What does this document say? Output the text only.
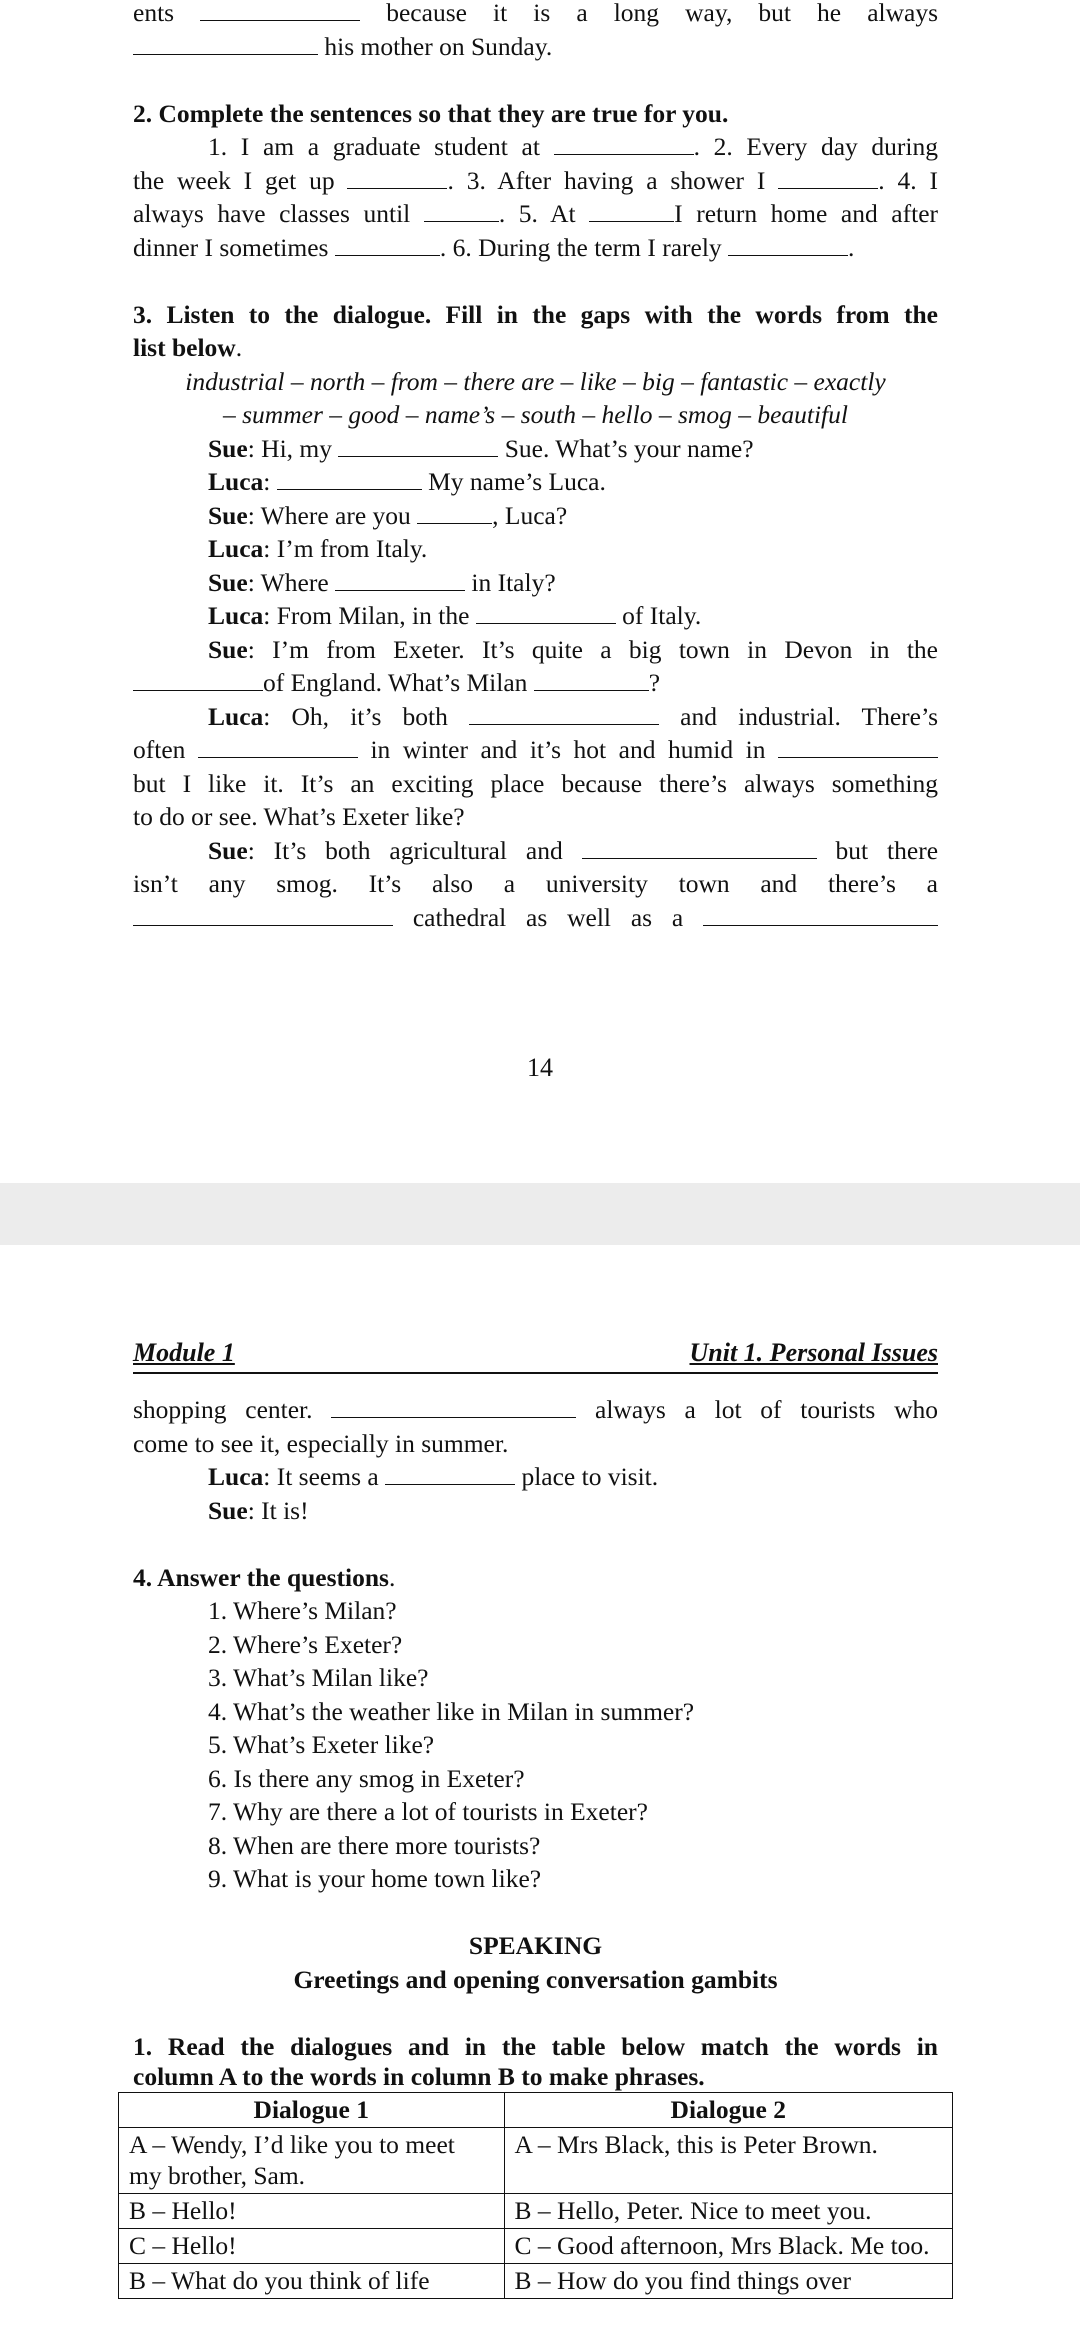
ents	because it is a long way, but he always
his mother on Sunday.
2. Complete the sentences so that they are true for you.
1. I am a graduate student at	. 2. Every day during
the week I get up	. 3. After having a shower I	. 4. I
always have classes until	. 5. At	I return home and after
dinner I sometimes	. 6. During the term I rarely	.
3. Listen to the dialogue. Fill in the gaps with the words from the
list below.
industrial – north – from – there are – like – big – fantastic – exactly
– summer – good – name’s – south – hello – smog – beautiful
Sue: Hi, my	Sue. What’s your name?
Luca:	My name’s Luca.
Sue: Where are you	, Luca?
Luca: I’m from Italy.
Sue: Where	in Italy?
Luca: From Milan, in the	of Italy.
Sue: I’m from Exeter. It’s quite a big town in Devon in the
of England. What’s Milan	?
Luca: Oh, it’s both	and industrial. There’s
often	in winter and it’s hot and humid in
but I like it. It’s an exciting place because there’s always something
to do or see. What’s Exeter like?
Sue: It’s both agricultural and	but there
isn’t any smog. It’s also a university town and there’s a
cathedral as well as a
14
Module 1	Unit 1. Personal Issues
shopping center.	always a lot of tourists who
come to see it, especially in summer.
Luca: It seems a	place to visit.
Sue: It is!
4. Answer the questions.
1. Where’s Milan?
2. Where’s Exeter?
3. What’s Milan like?
4. What’s the weather like in Milan in summer?
5. What’s Exeter like?
6. Is there any smog in Exeter?
7. Why are there a lot of tourists in Exeter?
8. When are there more tourists?
9. What is your home town like?
SPEAKING
Greetings and opening conversation gambits
1. Read the dialogues and in the table below match the words in
column A to the words in column B to make phrases.
Dialogue 1	Dialogue 2
A – Wendy, I’d like you to meet my brother, Sam.	A – Mrs Black, this is Peter Brown.
B – Hello!	B – Hello, Peter. Nice to meet you.
C – Hello!	C – Good afternoon, Mrs Black. Me too.
B – What do you think of life	B – How do you find things over
